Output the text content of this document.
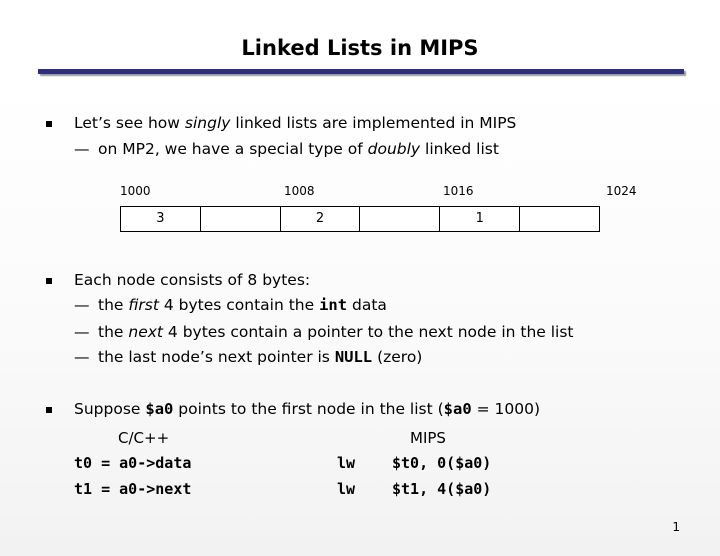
Linked Lists in MIPS
Let’s see how singly linked lists are implemented in MIPS
— on MP2, we have a special type of doubly linked list
1000	1008	1016	1024
3	2	1
Each node consists of 8 bytes:
— the first 4 bytes contain the int data
— the next 4 bytes contain a pointer to the next node in the list
— the last node’s next pointer is NULL (zero)
Suppose $a0 points to the first node in the list ($a0 = 1000)
C/C++	MIPS
t0 = a0->data	lw $t0, 0($a0)
t1 = a0->next	lw $t1, 4($a0)
1
